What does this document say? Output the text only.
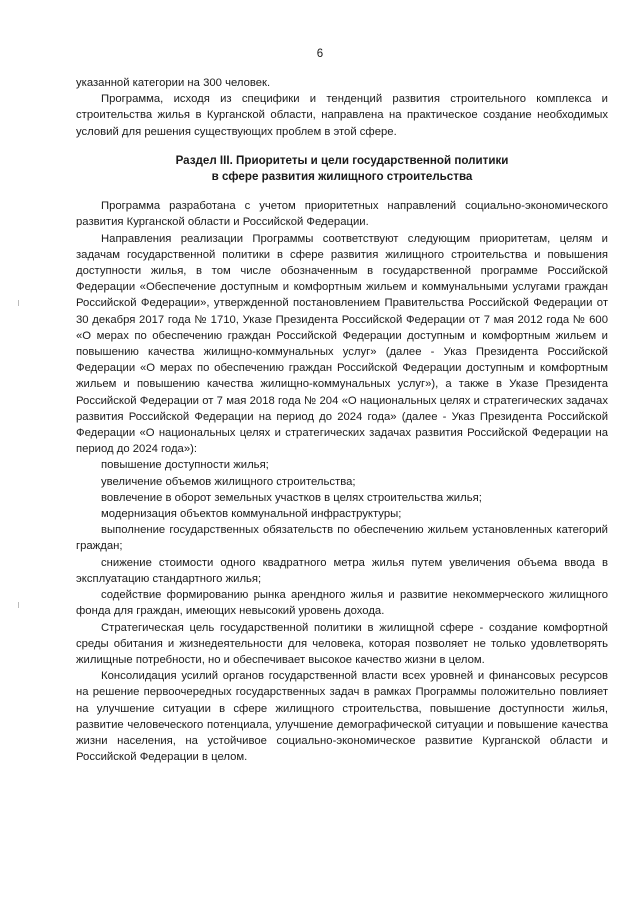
6

указанной категории на 300 человек.

Программа, исходя из специфики и тенденций развития строительного комплекса и строительства жилья в Курганской области, направлена на практическое создание необходимых условий для решения существующих проблем в этой сфере.

Раздел III. Приоритеты и цели государственной политики
в сфере развития жилищного строительства

Программа разработана с учетом приоритетных направлений социально-экономического развития Курганской области и Российской Федерации.

Направления реализации Программы соответствуют следующим приоритетам, целям и задачам государственной политики в сфере развития жилищного строительства и повышения доступности жилья, в том числе обозначенным в государственной программе Российской Федерации «Обеспечение доступным и комфортным жильем и коммунальными услугами граждан Российской Федерации», утвержденной постановлением Правительства Российской Федерации от 30 декабря 2017 года № 1710, Указе Президента Российской Федерации от 7 мая 2012 года № 600 «О мерах по обеспечению граждан Российской Федерации доступным и комфортным жильем и повышению качества жилищно-коммунальных услуг» (далее - Указ Президента Российской Федерации «О мерах по обеспечению граждан Российской Федерации доступным и комфортным жильем и повышению качества жилищно-коммунальных услуг»), а также в Указе Президента Российской Федерации от 7 мая 2018 года № 204 «О национальных целях и стратегических задачах развития Российской Федерации на период до 2024 года» (далее - Указ Президента Российской Федерации «О национальных целях и стратегических задачах развития Российской Федерации на период до 2024 года»):

повышение доступности жилья;
увеличение объемов жилищного строительства;
вовлечение в оборот земельных участков в целях строительства жилья;
модернизация объектов коммунальной инфраструктуры;
выполнение государственных обязательств по обеспечению жильем установленных категорий граждан;
снижение стоимости одного квадратного метра жилья путем увеличения объема ввода в эксплуатацию стандартного жилья;
содействие формированию рынка арендного жилья и развитие некоммерческого жилищного фонда для граждан, имеющих невысокий уровень дохода.

Стратегическая цель государственной политики в жилищной сфере - создание комфортной среды обитания и жизнедеятельности для человека, которая позволяет не только удовлетворять жилищные потребности, но и обеспечивает высокое качество жизни в целом.

Консолидация усилий органов государственной власти всех уровней и финансовых ресурсов на решение первоочередных государственных задач в рамках Программы положительно повлияет на улучшение ситуации в сфере жилищного строительства, повышение доступности жилья, развитие человеческого потенциала, улучшение демографической ситуации и повышение качества жизни населения, на устойчивое социально-экономическое развитие Курганской области и Российской Федерации в целом.
